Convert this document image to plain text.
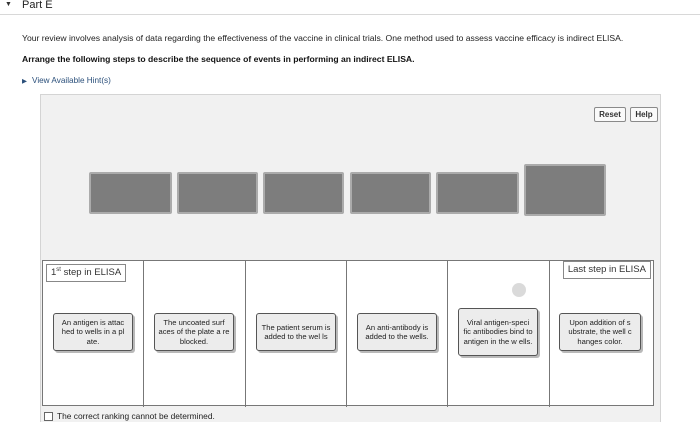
▼ Part E
Your review involves analysis of data regarding the effectiveness of the vaccine in clinical trials. One method used to assess vaccine efficacy is indirect ELISA.
Arrange the following steps to describe the sequence of events in performing an indirect ELISA.
▶ View Available Hint(s)
Reset	Help
1st step in ELISA	Last step in ELISA
An antigen is attac hed to wells in a pl ate.
The uncoated surf aces of the plate a re blocked.
The patient serum is added to the wel ls
An anti-antibody is added to the wells.
Viral antigen-speci fic antibodies bind to antigen in the w ells.
Upon addition of s ubstrate, the well c hanges color.
The correct ranking cannot be determined.
